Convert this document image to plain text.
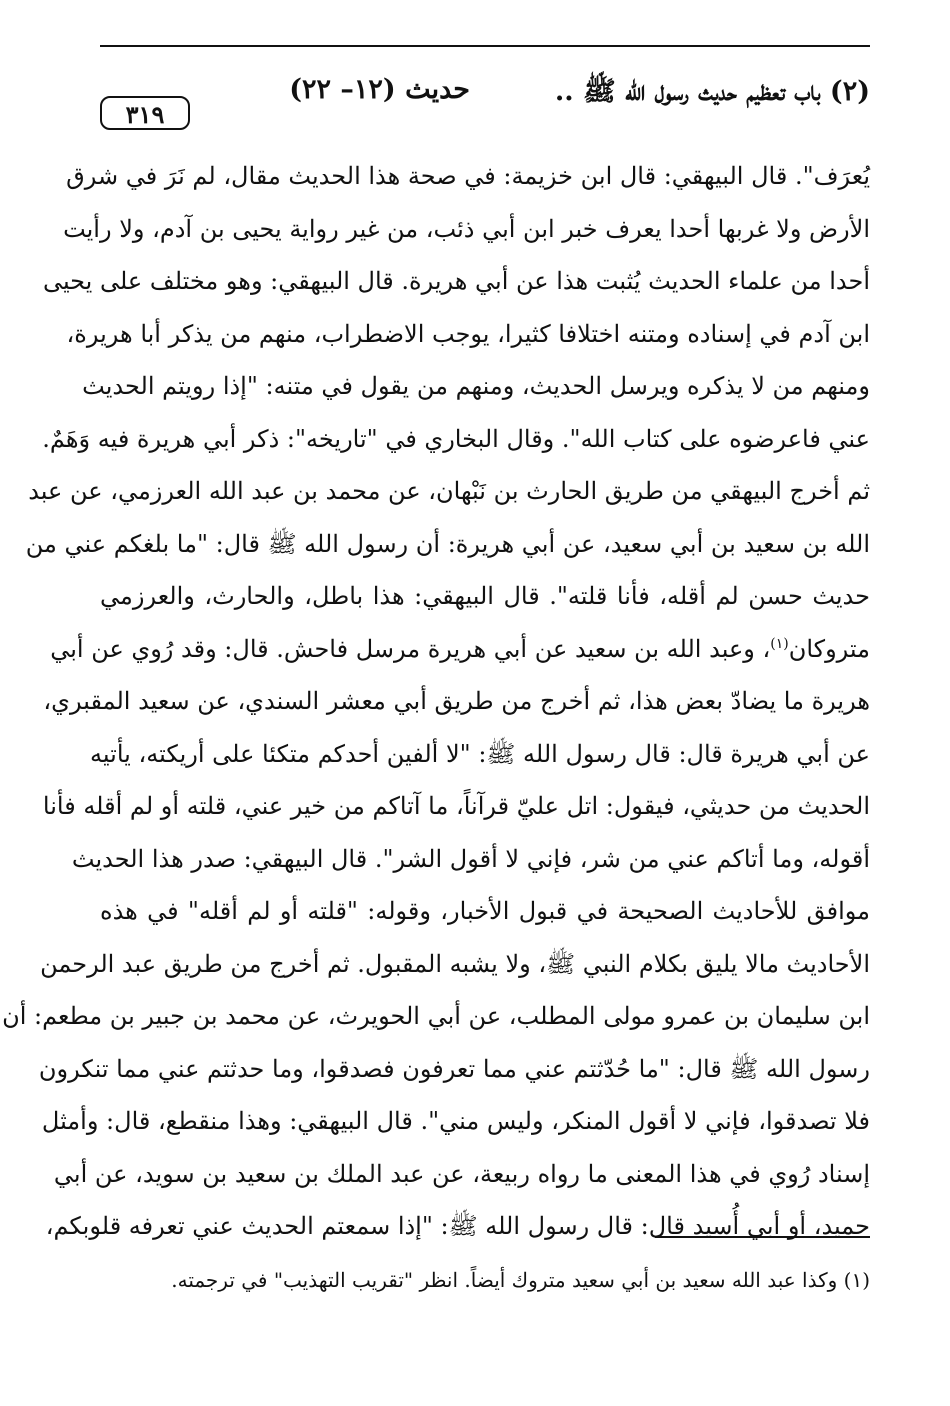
(٢) باب تعظيم حديث رسول الله ﷺ ..
حديث (١٢– ٢٢)
٣١٩
يُعرَف". قال البيهقي: قال ابن خزيمة: في صحة هذا الحديث مقال، لم نَرَ في شرق
الأرض ولا غربها أحدا يعرف خبر ابن أبي ذئب، من غير رواية يحيى بن آدم، ولا رأيت
أحدا من علماء الحديث يُثبت هذا عن أبي هريرة. قال البيهقي: وهو مختلف على يحيى
ابن آدم في إسناده ومتنه اختلافا كثيرا، يوجب الاضطراب، منهم من يذكر أبا هريرة،
ومنهم من لا يذكره ويرسل الحديث، ومنهم من يقول في متنه: "إذا رويتم الحديث
عني فاعرضوه على كتاب الله". وقال البخاري في "تاريخه": ذكر أبي هريرة فيه وَهَمٌ.
ثم أخرج البيهقي من طريق الحارث بن نَبْهان، عن محمد بن عبد الله العرزمي، عن عبد
الله بن سعيد بن أبي سعيد، عن أبي هريرة: أن رسول الله ﷺ قال: "ما بلغكم عني من
حديث حسن لم أقله، فأنا قلته". قال البيهقي: هذا باطل، والحارث، والعرزمي
متروكان$^{(١)}$، وعبد الله بن سعيد عن أبي هريرة مرسل فاحش. قال: وقد رُوي عن أبي
هريرة ما يضادّ بعض هذا، ثم أخرج من طريق أبي معشر السندي، عن سعيد المقبري،
عن أبي هريرة قال: قال رسول الله ﷺ: "لا ألفين أحدكم متكئا على أريكته، يأتيه
الحديث من حديثي، فيقول: اتل عليّ قرآناً، ما آتاكم من خير عني، قلته أو لم أقله فأنا
أقوله، وما أتاكم عني من شر، فإني لا أقول الشر". قال البيهقي: صدر هذا الحديث
موافق للأحاديث الصحيحة في قبول الأخبار، وقوله: "قلته أو لم أقله" في هذه
الأحاديث مالا يليق بكلام النبي ﷺ، ولا يشبه المقبول. ثم أخرج من طريق عبد الرحمن
ابن سليمان بن عمرو مولى المطلب، عن أبي الحويرث، عن محمد بن جبير بن مطعم: أن
رسول الله ﷺ قال: "ما حُدّثتم عني مما تعرفون فصدقوا، وما حدثتم عني مما تنكرون
فلا تصدقوا، فإني لا أقول المنكر، وليس مني". قال البيهقي: وهذا منقطع، قال: وأمثل
إسناد رُوي في هذا المعنى ما رواه ربيعة، عن عبد الملك بن سعيد بن سويد، عن أبي
حميد، أو أبي أُسيد قال: قال رسول الله ﷺ: "إذا سمعتم الحديث عني تعرفه قلوبكم،
(١) وكذا عبد الله سعيد بن أبي سعيد متروك أيضاً. انظر "تقريب التهذيب" في ترجمته.
